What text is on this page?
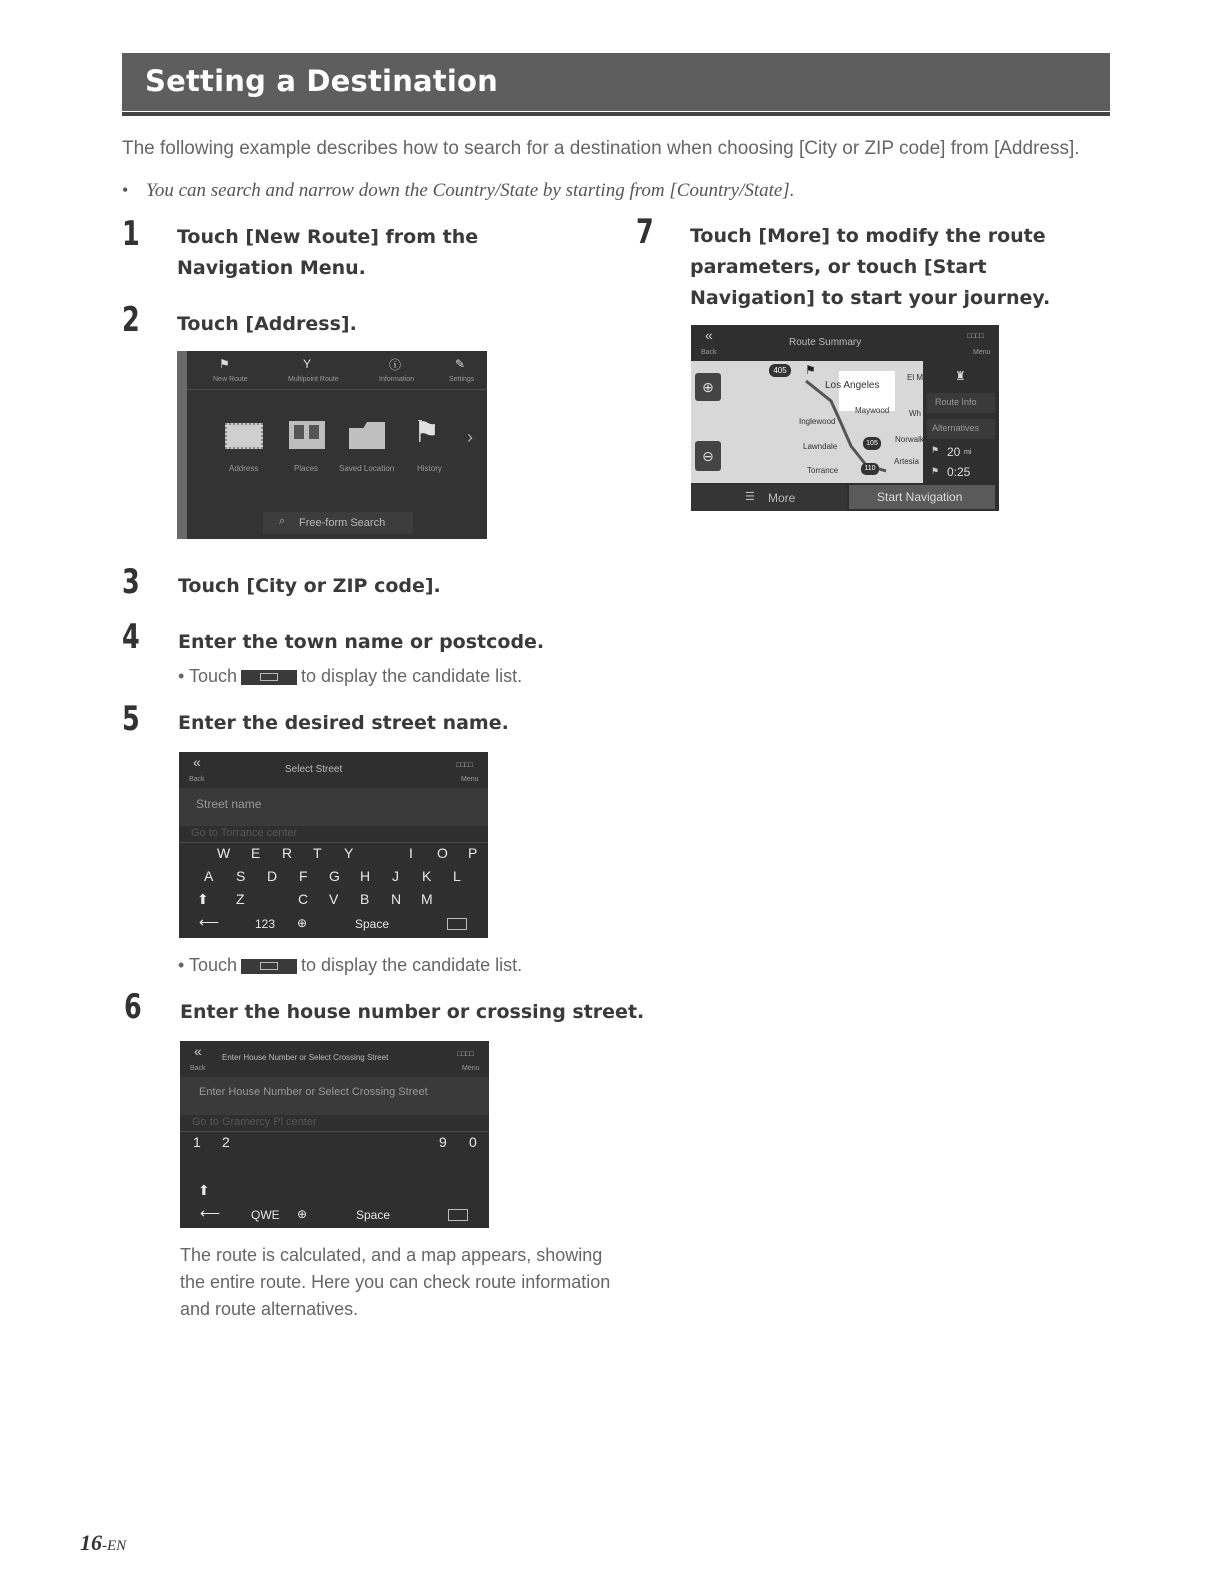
Setting a Destination
The following example describes how to search for a destination when choosing [City or ZIP code] from [Address].
• You can search and narrow down the Country/State by starting from [Country/State].
1 Touch [New Route] from the Navigation Menu.
2 Touch [Address].
⚑	Y	ⓘ	✎
New Route	Multipoint Route	Information	Settings
⚑ ›
Address	Places	Saved Location	History
⌕ Free-form Search
3 Touch [City or ZIP code].
4 Enter the town name or postcode.
• Touch	to display the candidate list.
5 Enter the desired street name.
«
Back
Select Street	□□□□
Menu
Street name
Go to Torrance center
W E R T Y	I O P
A S D F G H J K L
⬆ Z	C V B N M
⟵	123 ⊕	Space
• Touch	to display the candidate list.
6 Enter the house number or crossing street.
«
Back
Enter House Number or Select Crossing Street	□□□□
Menu
Enter House Number or Select Crossing Street
Go to Gramercy Pl center
1 2	9 0
⬆
⟵	QWE ⊕	Space
The route is calculated, and a map appears, showing the entire route. Here you can check route information and route alternatives.
7 Touch [More] to modify the route parameters, or touch [Start Navigation] to start your journey.
«
Back
Route Summary
□□□□
Menu
Los Angeles
Maywood
Inglewood
Lawndale
Norwalk
Torrance
Artesia
El M
Wh
405
105
110
⚑
⊕
⊖
♜
Route Info
Alternatives
⚑ 20 mi
⚑ 0:25
☰ More	Start Navigation
16-EN
